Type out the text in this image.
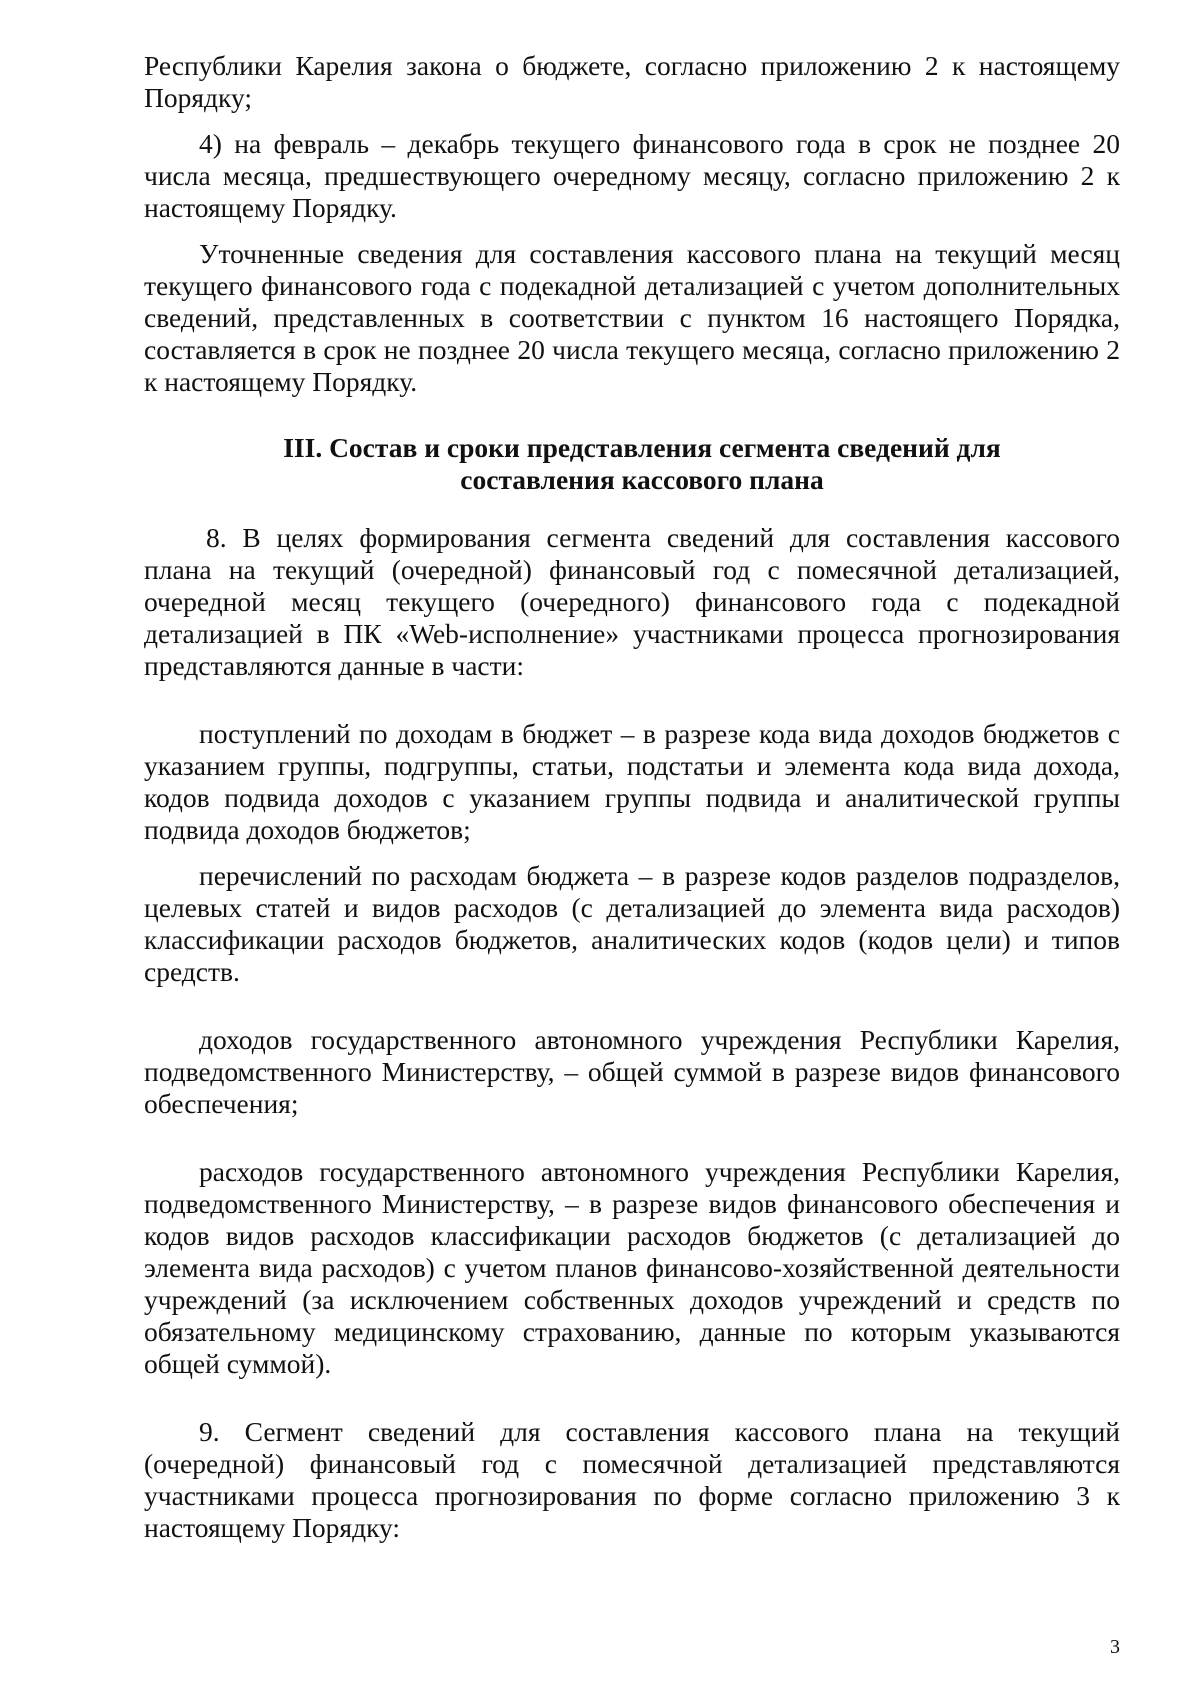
Республики Карелия закона о бюджете, согласно приложению 2 к настоящему Порядку;

4) на февраль – декабрь текущего финансового года в срок не позднее 20 числа месяца, предшествующего очередному месяцу, согласно приложению 2 к настоящему Порядку.

Уточненные сведения для составления кассового плана на текущий месяц текущего финансового года с подекадной детализацией с учетом дополнительных сведений, представленных в соответствии с пунктом 16 настоящего Порядка, составляется в срок не позднее 20 числа текущего месяца, согласно приложению 2 к настоящему Порядку.

III. Состав и сроки представления сегмента сведений для
составления кассового плана

8. В целях формирования сегмента сведений для составления кассового плана на текущий (очередной) финансовый год с помесячной детализацией, очередной месяц текущего (очередного) финансового года с подекадной детализацией в ПК «Web-исполнение» участниками процесса прогнозирования представляются данные в части:

поступлений по доходам в бюджет – в разрезе кода вида доходов бюджетов с указанием группы, подгруппы, статьи, подстатьи и элемента кода вида дохода, кодов подвида доходов с указанием группы подвида и аналитической группы подвида доходов бюджетов;

перечислений по расходам бюджета – в разрезе кодов разделов подразделов, целевых статей и видов расходов (с детализацией до элемента вида расходов) классификации расходов бюджетов, аналитических кодов (кодов цели) и типов средств.

доходов государственного автономного учреждения Республики Карелия, подведомственного Министерству, – общей суммой в разрезе видов финансового обеспечения;

расходов государственного автономного учреждения Республики Карелия, подведомственного Министерству, – в разрезе видов финансового обеспечения и кодов видов расходов классификации расходов бюджетов (с детализацией до элемента вида расходов) с учетом планов финансово-хозяйственной деятельности учреждений (за исключением собственных доходов учреждений и средств по обязательному медицинскому страхованию, данные по которым указываются общей суммой).

9. Сегмент сведений для составления кассового плана на текущий (очередной) финансовый год с помесячной детализацией представляются участниками процесса прогнозирования по форме согласно приложению 3 к настоящему Порядку:

3
